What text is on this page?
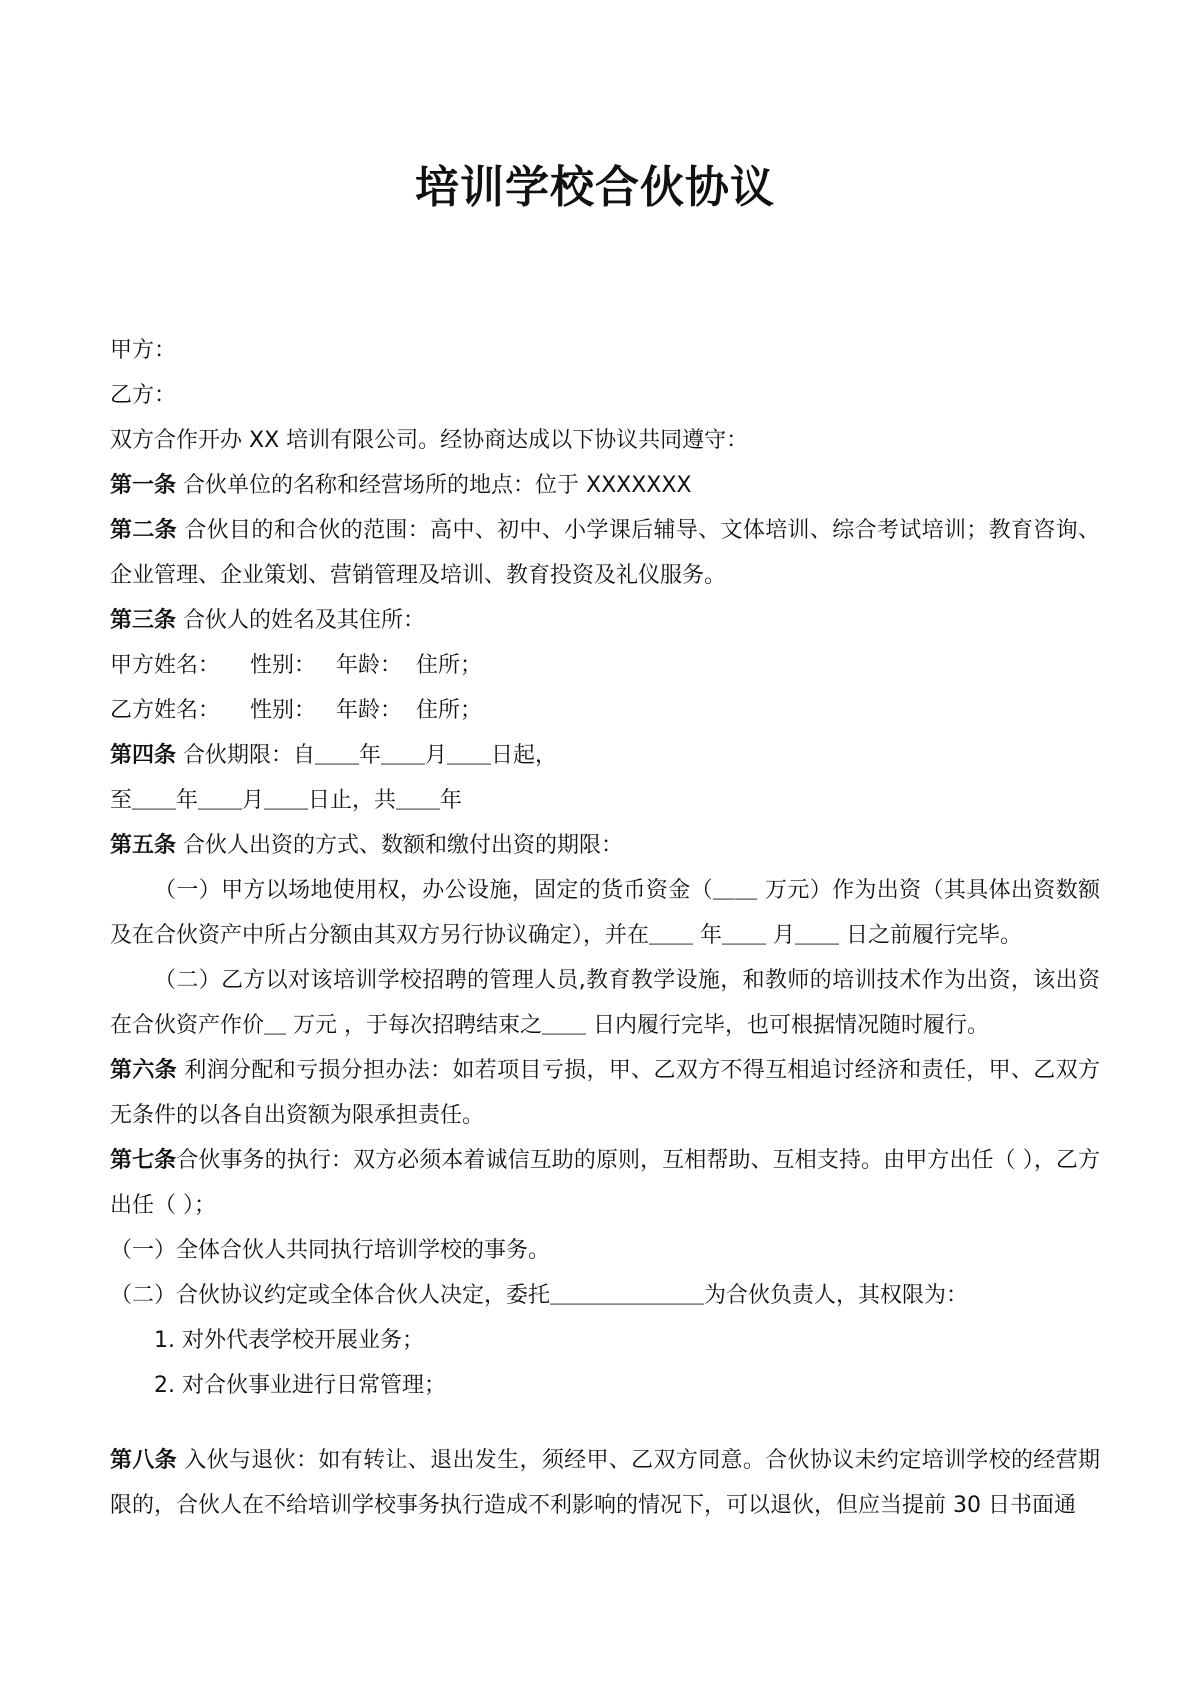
培训学校合伙协议
甲方：
乙方：
双方合作开办 XX 培训有限公司。经协商达成以下协议共同遵守：
第一条 合伙单位的名称和经营场所的地点：位于 XXXXXXX
第二条 合伙目的和合伙的范围：高中、初中、小学课后辅导、文体培训、综合考试培训；教育咨询、企业管理、企业策划、营销管理及培训、教育投资及礼仪服务。
第三条 合伙人的姓名及其住所：
甲方姓名： 性别： 年龄： 住所；
乙方姓名： 性别： 年龄： 住所；
第四条 合伙期限：自＿＿年＿＿月＿＿日起，
至＿＿年＿＿月＿＿日止，共＿＿年
第五条 合伙人出资的方式、数额和缴付出资的期限：
（一）甲方以场地使用权，办公设施，固定的货币资金（＿＿ 万元）作为出资（其具体出资数额及在合伙资产中所占分额由其双方另行协议确定），并在＿＿ 年＿＿ 月＿＿ 日之前履行完毕。
（二）乙方以对该培训学校招聘的管理人员,教育教学设施，和教师的培训技术作为出资，该出资在合伙资产作价＿ 万元 ，于每次招聘结束之＿＿ 日内履行完毕，也可根据情况随时履行。
第六条 利润分配和亏损分担办法：如若项目亏损，甲、乙双方不得互相追讨经济和责任，甲、乙双方无条件的以各自出资额为限承担责任。
第七条合伙事务的执行：双方必须本着诚信互助的原则，互相帮助、互相支持。由甲方出任（ ），乙方出任（ ）；
（一）全体合伙人共同执行培训学校的事务。
（二）合伙协议约定或全体合伙人决定，委托＿＿＿＿＿＿＿为合伙负责人，其权限为：
1. 对外代表学校开展业务；
2. 对合伙事业进行日常管理；
第八条 入伙与退伙：如有转让、退出发生，须经甲、乙双方同意。合伙协议未约定培训学校的经营期限的，合伙人在不给培训学校事务执行造成不利影响的情况下，可以退伙，但应当提前 30 日书面通
